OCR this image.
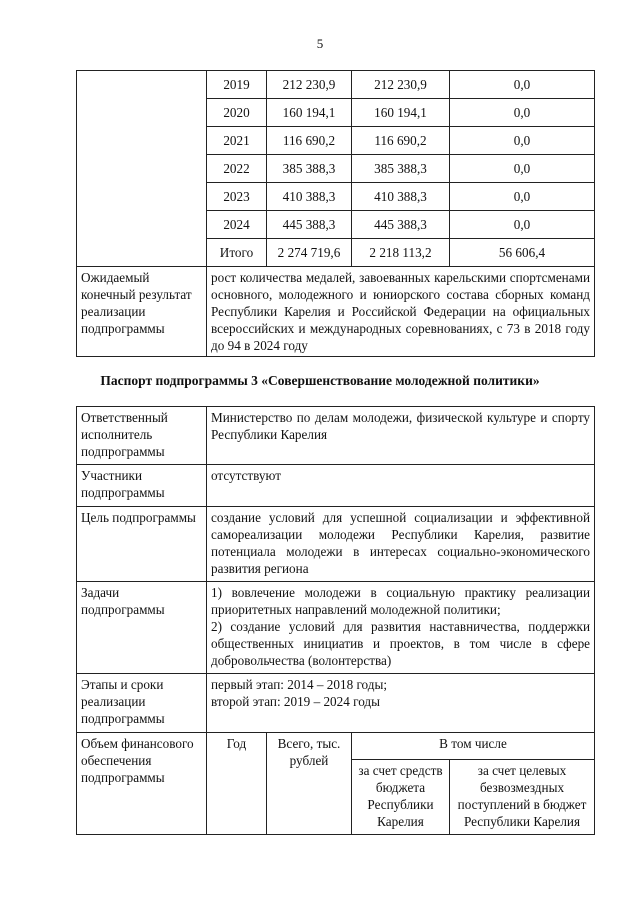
5
	2019	212 230,9	212 230,9	0,0
	2020	160 194,1	160 194,1	0,0
	2021	116 690,2	116 690,2	0,0
	2022	385 388,3	385 388,3	0,0
	2023	410 388,3	410 388,3	0,0
	2024	445 388,3	445 388,3	0,0
	Итого	2 274 719,6	2 218 113,2	56 606,4
Ожидаемый конечный результат реализации подпрограммы	рост количества медалей, завоеванных карельскими спортсменами основного, молодежного и юниорского состава сборных команд Республики Карелия и Российской Федерации на официальных всероссийских и международных соревнованиях, с 73 в 2018 году до 94 в 2024 году			
Паспорт подпрограммы 3 «Совершенствование молодежной политики»
Ответственный исполнитель подпрограммы	Министерство по делам молодежи, физической культуре и спорту Республики Карелия			
Участники подпрограммы	отсутствуют			
Цель подпрограммы	создание условий для успешной социализации и эффективной самореализации молодежи Республики Карелия, развитие потенциала молодежи в интересах социально-экономического развития региона			
Задачи подпрограммы	1) вовлечение молодежи в социальную практику реализации приоритетных направлений молодежной политики;
2) создание условий для развития наставничества, поддержки общественных инициатив и проектов, в том числе в сфере добровольчества (волонтерства)			

Этапы и сроки реализации подпрограммы	первый этап: 2014 – 2018 годы;
второй этап: 2019 – 2024 годы			

Объем финансового обеспечения подпрограммы	Год	Всего, тыс. рублей	В том числе	
			за счет средств бюджета Республики Карелия	за счет целевых безвозмездных поступлений в бюджет Республики Карелия
